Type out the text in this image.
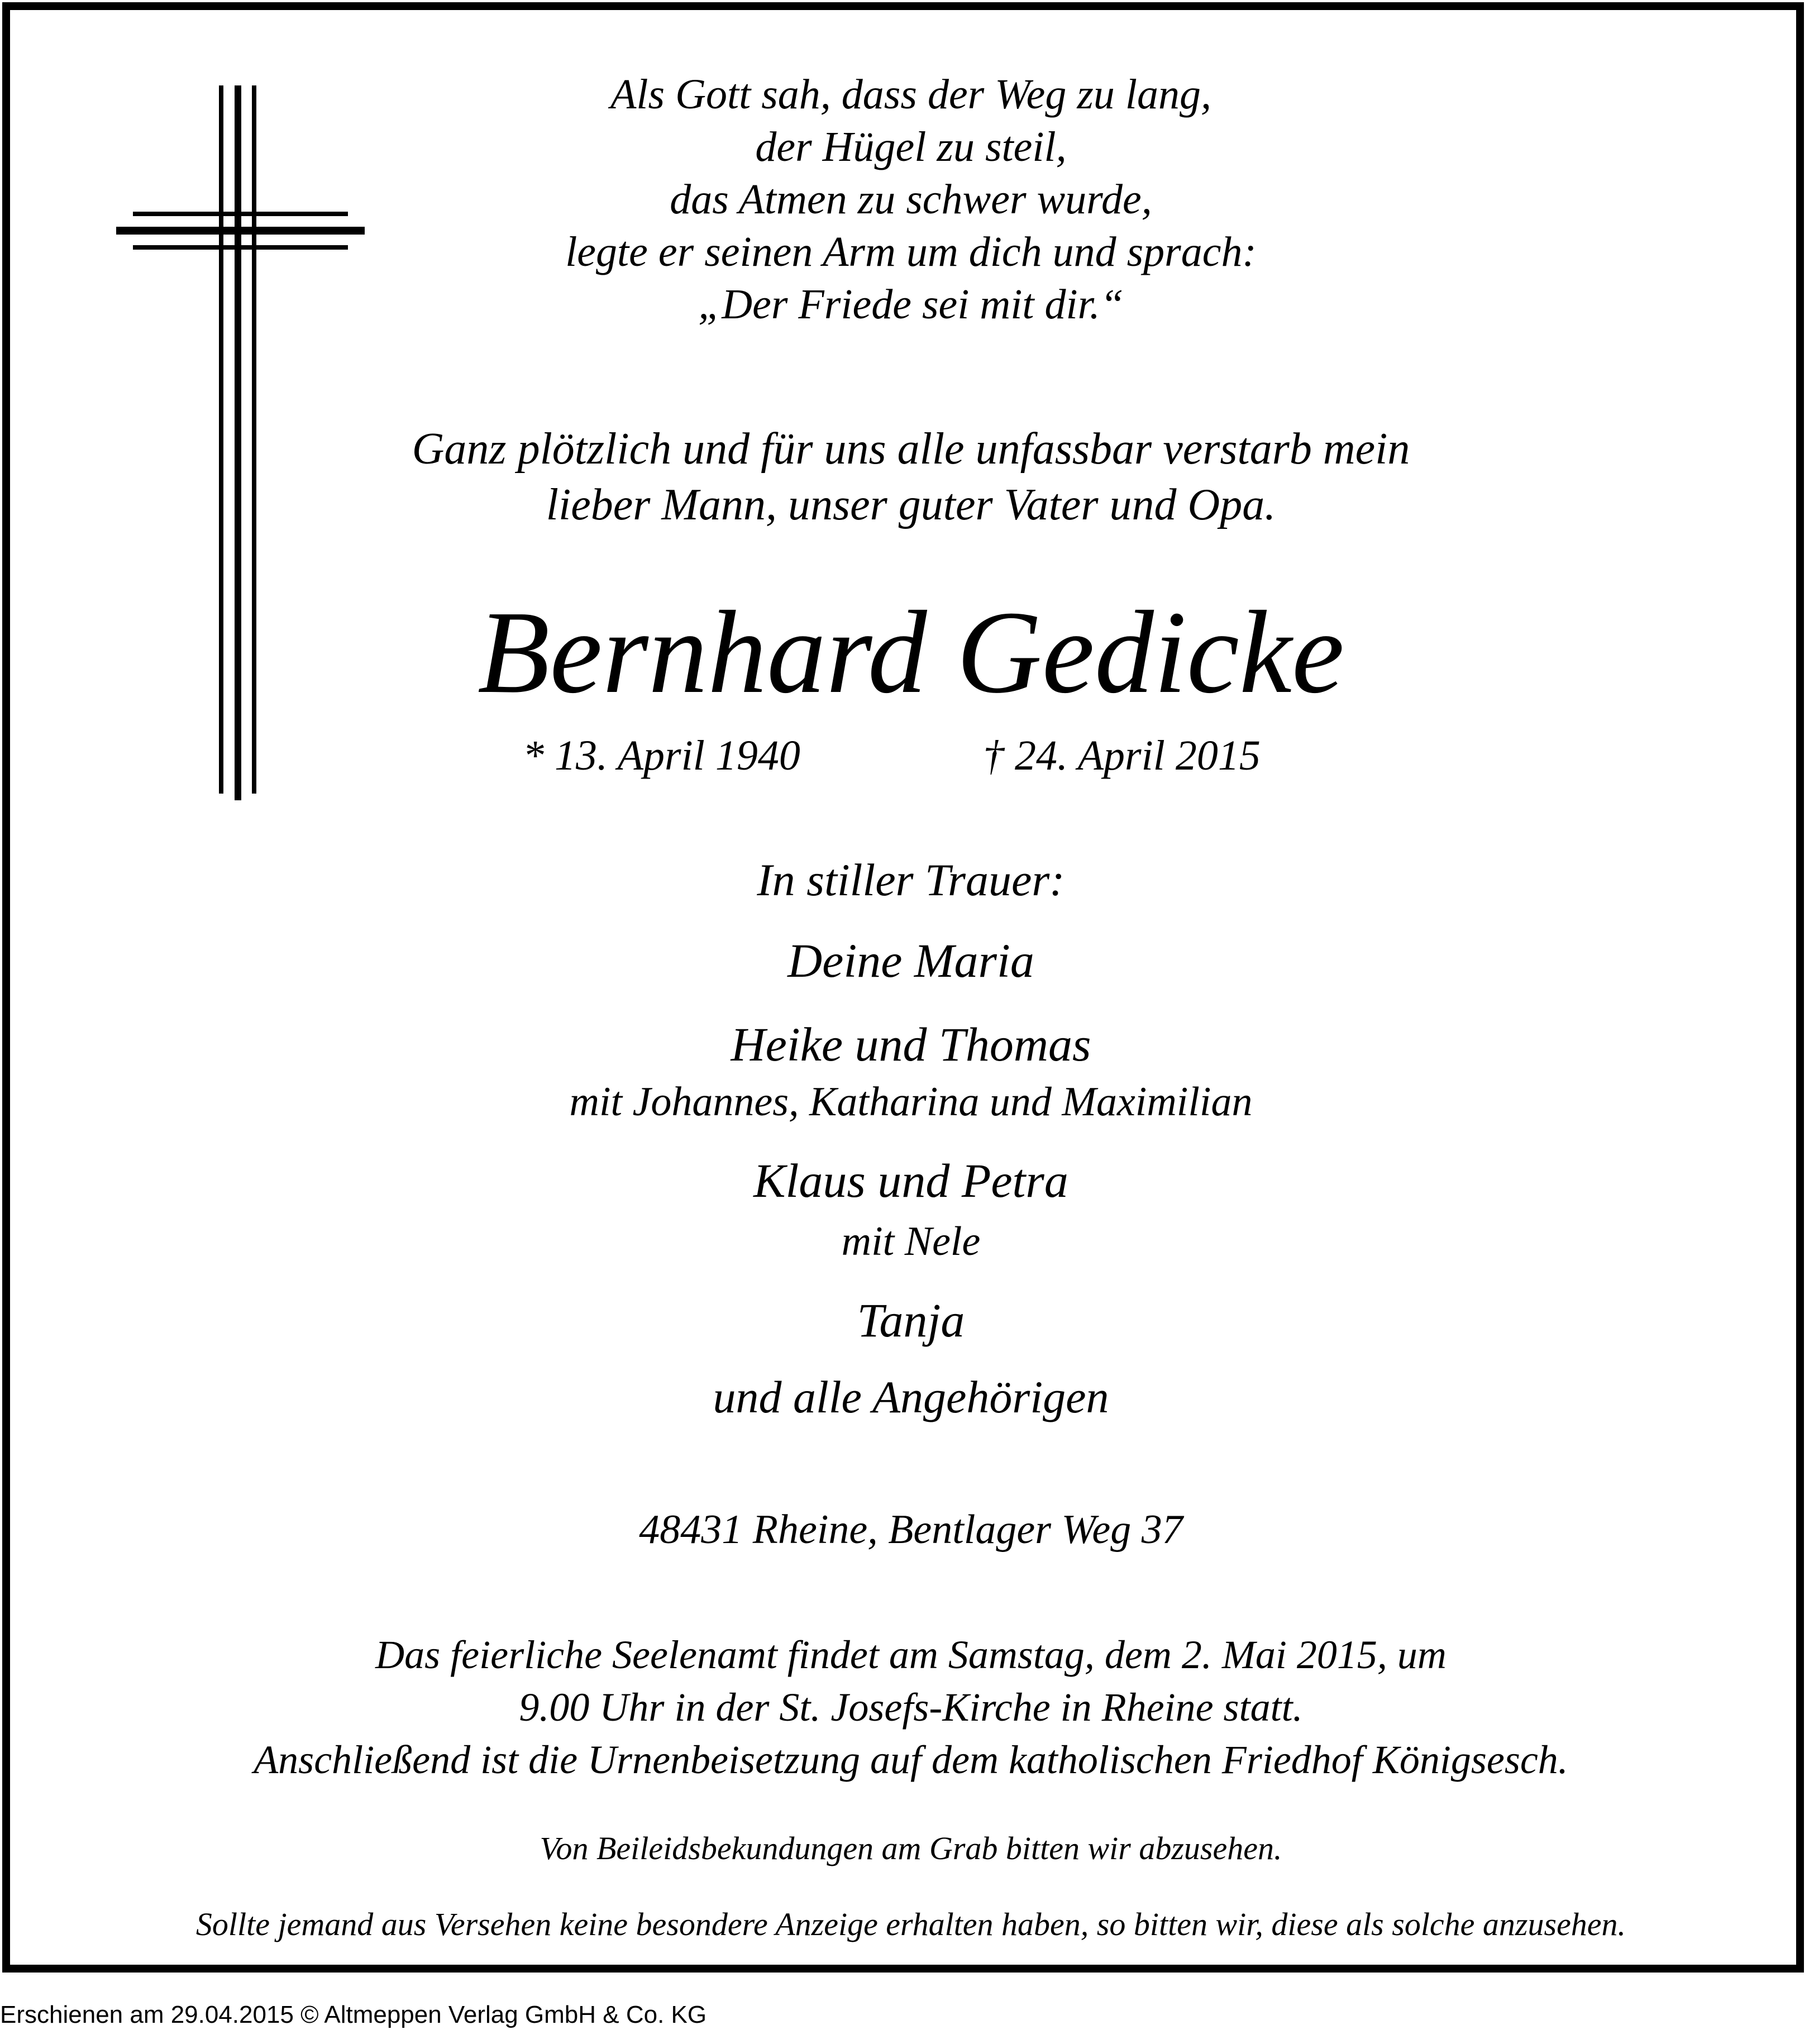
Als Gott sah, dass der Weg zu lang,
der Hügel zu steil,
das Atmen zu schwer wurde,
legte er seinen Arm um dich und sprach:
„Der Friede sei mit dir.“
Ganz plötzlich und für uns alle unfassbar verstarb mein
lieber Mann, unser guter Vater und Opa.
Bernhard Gedicke
* 13. April 1940	† 24. April 2015
In stiller Trauer:
Deine Maria
Heike und Thomas
mit Johannes, Katharina und Maximilian
Klaus und Petra
mit Nele
Tanja
und alle Angehörigen
48431 Rheine, Bentlager Weg 37
Das feierliche Seelenamt findet am Samstag, dem 2. Mai 2015, um
9.00 Uhr in der St. Josefs-Kirche in Rheine statt.
Anschließend ist die Urnenbeisetzung auf dem katholischen Friedhof Königsesch.
Von Beileidsbekundungen am Grab bitten wir abzusehen.
Sollte jemand aus Versehen keine besondere Anzeige erhalten haben, so bitten wir, diese als solche anzusehen.
Erschienen am 29.04.2015 © Altmeppen Verlag GmbH & Co. KG
